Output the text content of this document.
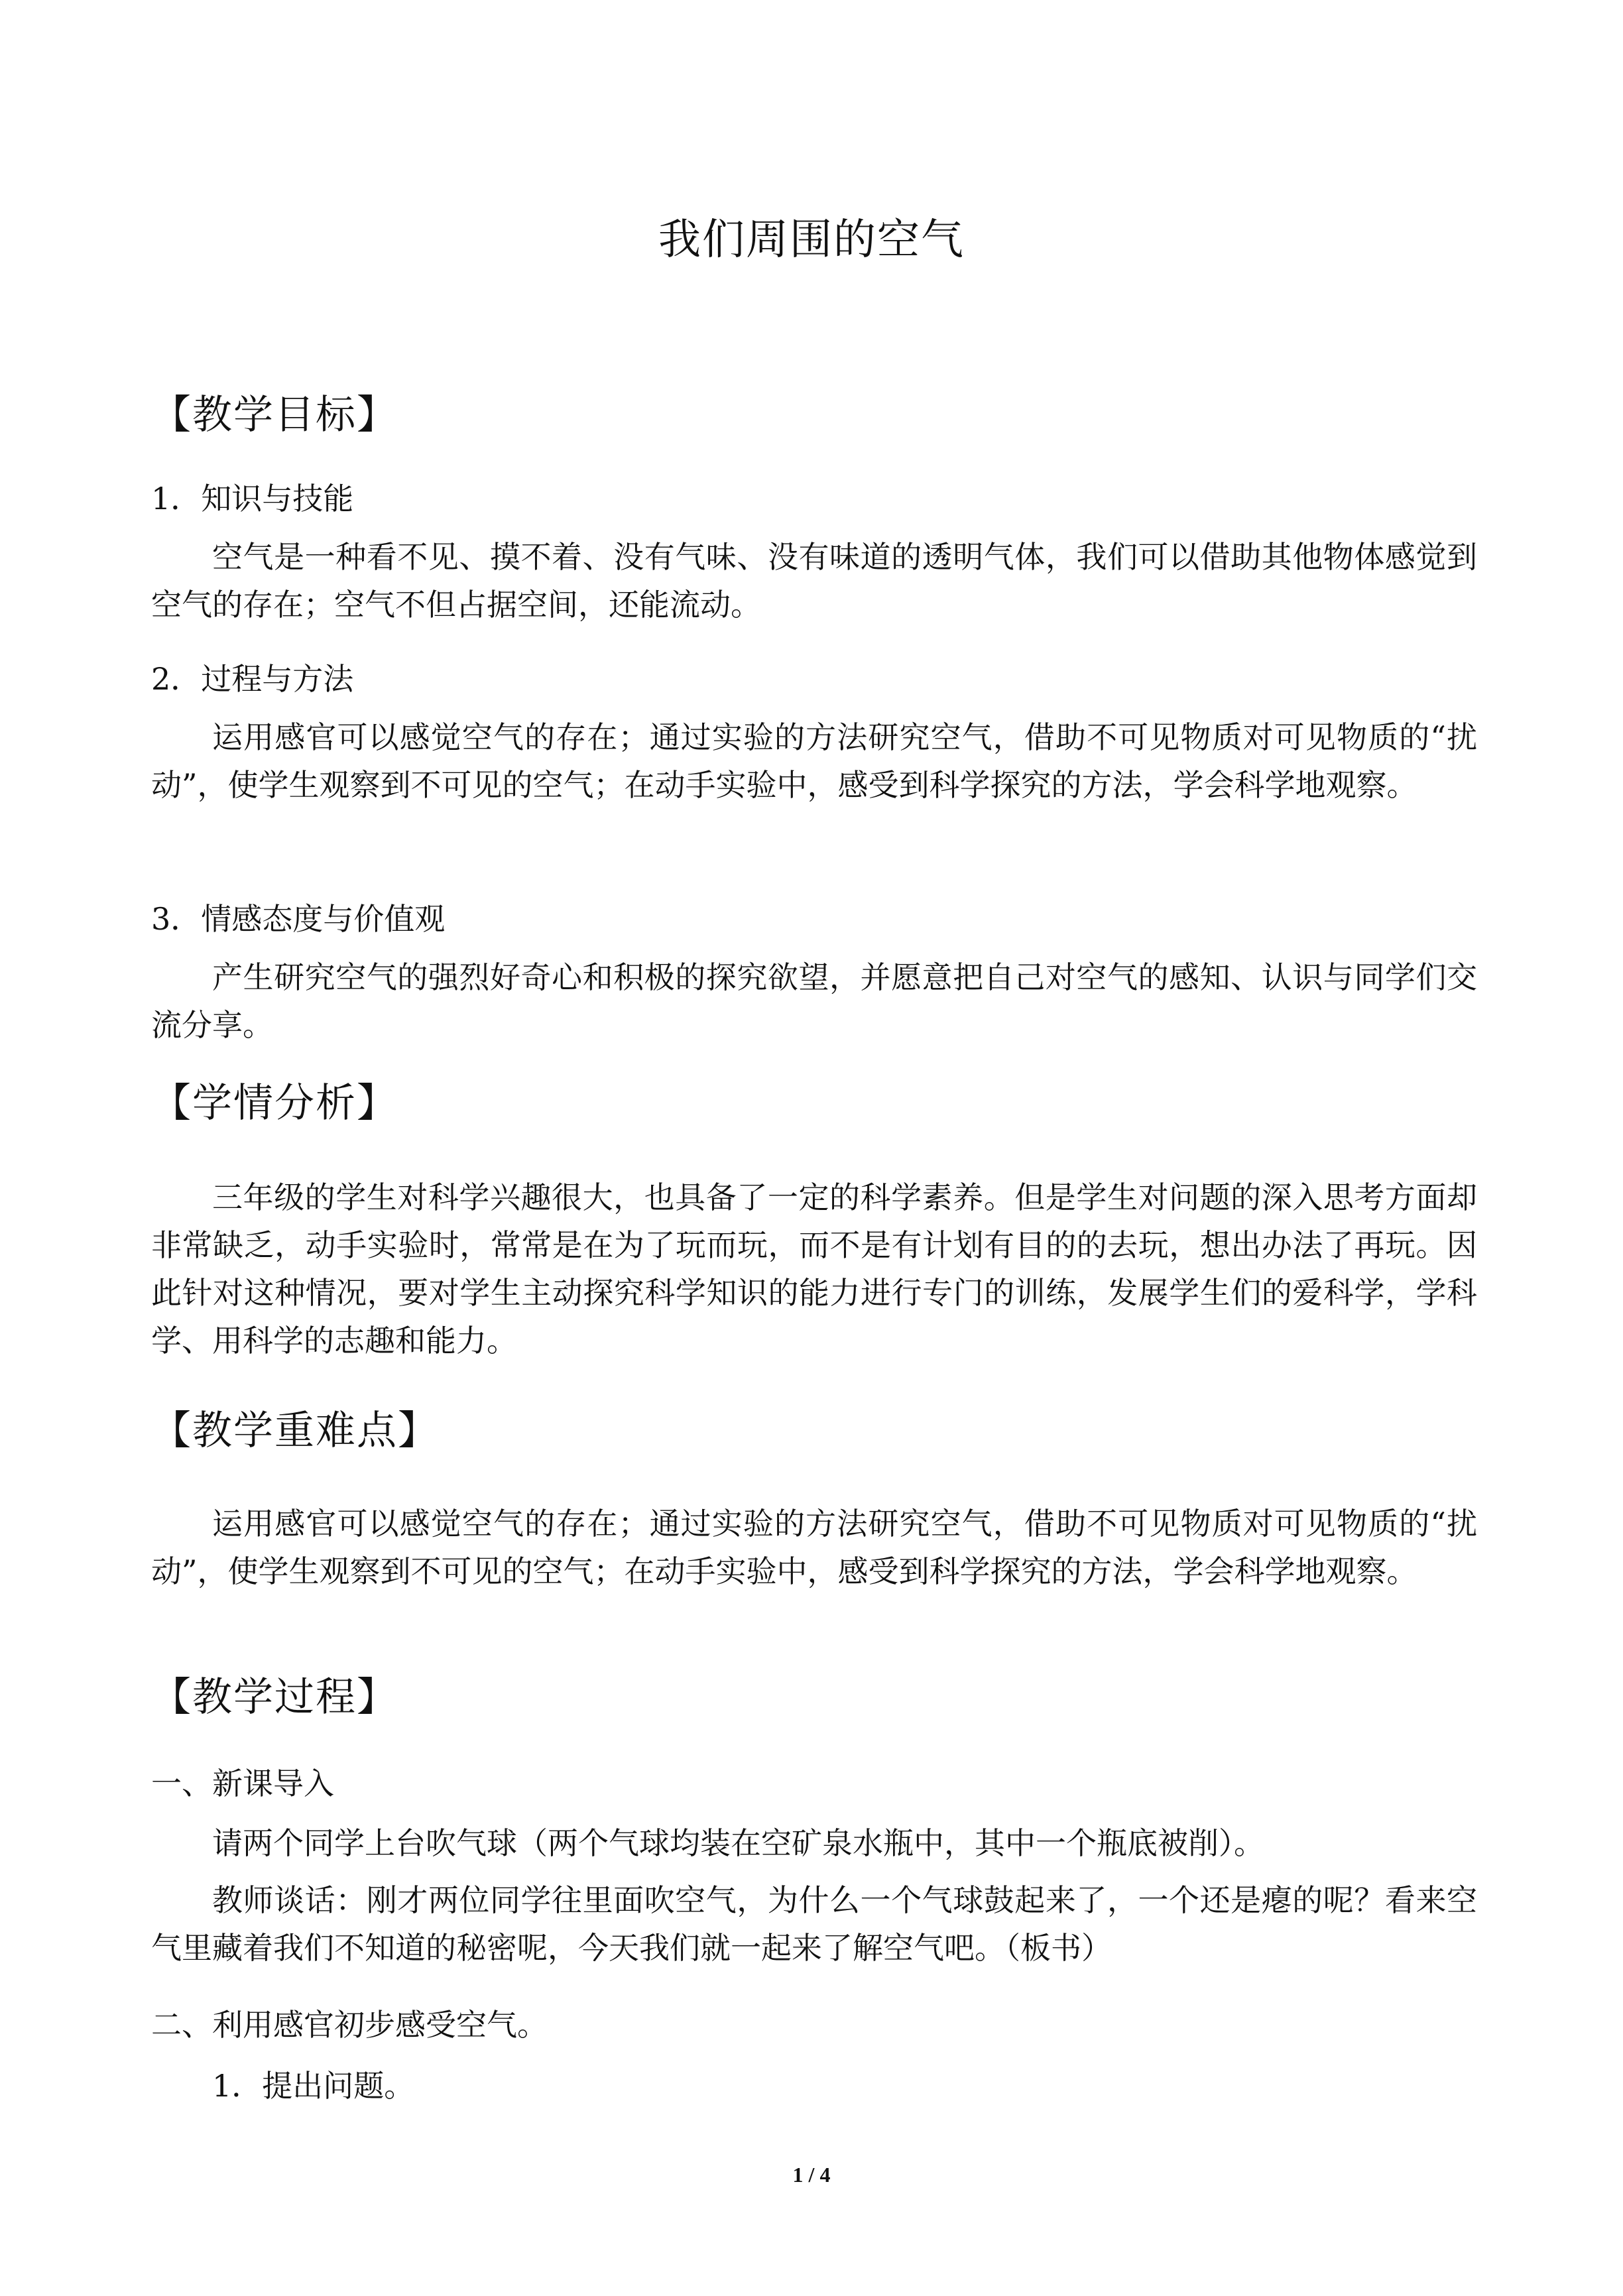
我们周围的空气
【教学目标】
1．知识与技能
空气是一种看不见、摸不着、没有气味、没有味道的透明气体，我们可以借助其他物体感觉到空气的存在；空气不但占据空间，还能流动。
2．过程与方法
运用感官可以感觉空气的存在；通过实验的方法研究空气，借助不可见物质对可见物质的“扰动”，使学生观察到不可见的空气；在动手实验中，感受到科学探究的方法，学会科学地观察。
3．情感态度与价值观
产生研究空气的强烈好奇心和积极的探究欲望，并愿意把自己对空气的感知、认识与同学们交流分享。
【学情分析】
三年级的学生对科学兴趣很大，也具备了一定的科学素养。但是学生对问题的深入思考方面却非常缺乏，动手实验时，常常是在为了玩而玩，而不是有计划有目的的去玩，想出办法了再玩。因此针对这种情况，要对学生主动探究科学知识的能力进行专门的训练，发展学生们的爱科学，学科学、用科学的志趣和能力。
【教学重难点】
运用感官可以感觉空气的存在；通过实验的方法研究空气，借助不可见物质对可见物质的“扰动”，使学生观察到不可见的空气；在动手实验中，感受到科学探究的方法，学会科学地观察。
【教学过程】
一、新课导入
请两个同学上台吹气球（两个气球均装在空矿泉水瓶中，其中一个瓶底被削）。
教师谈话：刚才两位同学往里面吹空气，为什么一个气球鼓起来了，一个还是瘪的呢？看来空气里藏着我们不知道的秘密呢，今天我们就一起来了解空气吧。（板书）
二、利用感官初步感受空气。
1．提出问题。
1 / 4
